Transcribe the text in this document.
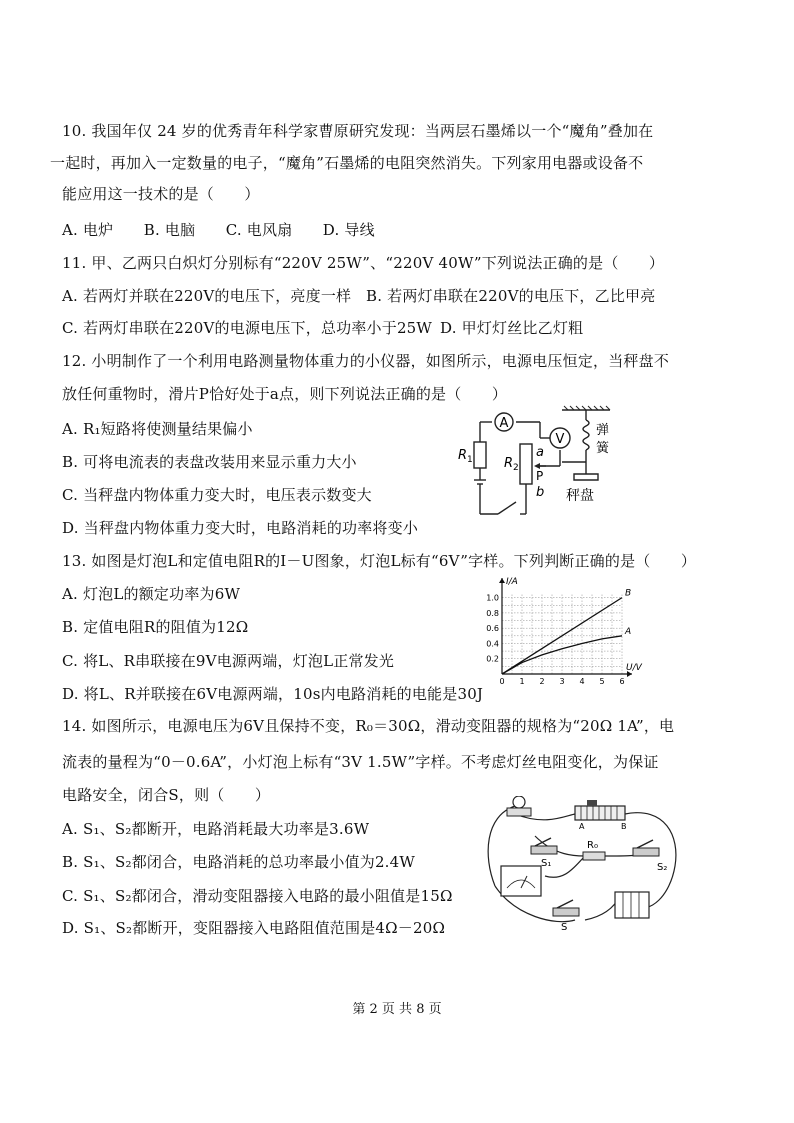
10. 我国年仅 24 岁的优秀青年科学家曹原研究发现：当两层石墨烯以一个“魔角”叠加在
一起时，再加入一定数量的电子，“魔角”石墨烯的电阻突然消失。下列家用电器或设备不
能应用这一技术的是（　　）
A. 电炉　　B. 电脑　　C. 电风扇　　D. 导线
11. 甲、乙两只白炽灯分别标有“220V 25W”、“220V 40W”下列说法正确的是（　　）
A. 若两灯并联在220V的电压下，亮度一样 B. 若两灯串联在220V的电压下，乙比甲亮
C. 若两灯串联在220V的电源电压下，总功率小于25W D. 甲灯灯丝比乙灯粗
12. 小明制作了一个利用电路测量物体重力的小仪器，如图所示，电源电压恒定，当秤盘不
放任何重物时，滑片P恰好处于a点，则下列说法正确的是（　　）
A. R₁短路将使测量结果偏小
B. 可将电流表的表盘改装用来显示重力大小
C. 当秤盘内物体重力变大时，电压表示数变大
D. 当秤盘内物体重力变大时，电路消耗的功率将变小
A
V
R 1 R 2
a
P
b
弹
簧
秤盘
13. 如图是灯泡L和定值电阻R的I－U图象，灯泡L标有“6V”字样。下列判断正确的是（　　）
A. 灯泡L的额定功率为6W
B. 定值电阻R的阻值为12Ω
C. 将L、R串联接在9V电源两端，灯泡L正常发光
D. 将L、R并联接在6V电源两端，10s内电路消耗的电能是30J
0 1 2 3 4 5 6
0.2
0.4
0.6
0.8
1.0
U/V
I/A
B
A
14. 如图所示，电源电压为6V且保持不变，R₀＝30Ω，滑动变阻器的规格为“20Ω 1A”，电
流表的量程为“0－0.6A”，小灯泡上标有“3V 1.5W”字样。不考虑灯丝电阻变化，为保证
电路安全，闭合S，则（　　）
A. S₁、S₂都断开，电路消耗最大功率是3.6W
B. S₁、S₂都闭合，电路消耗的总功率最小值为2.4W
C. S₁、S₂都闭合，滑动变阻器接入电路的最小阻值是15Ω
D. S₁、S₂都断开，变阻器接入电路阻值范围是4Ω－20Ω
A	B
S₁
R₀
S₂
S
第 2 页 共 8 页
